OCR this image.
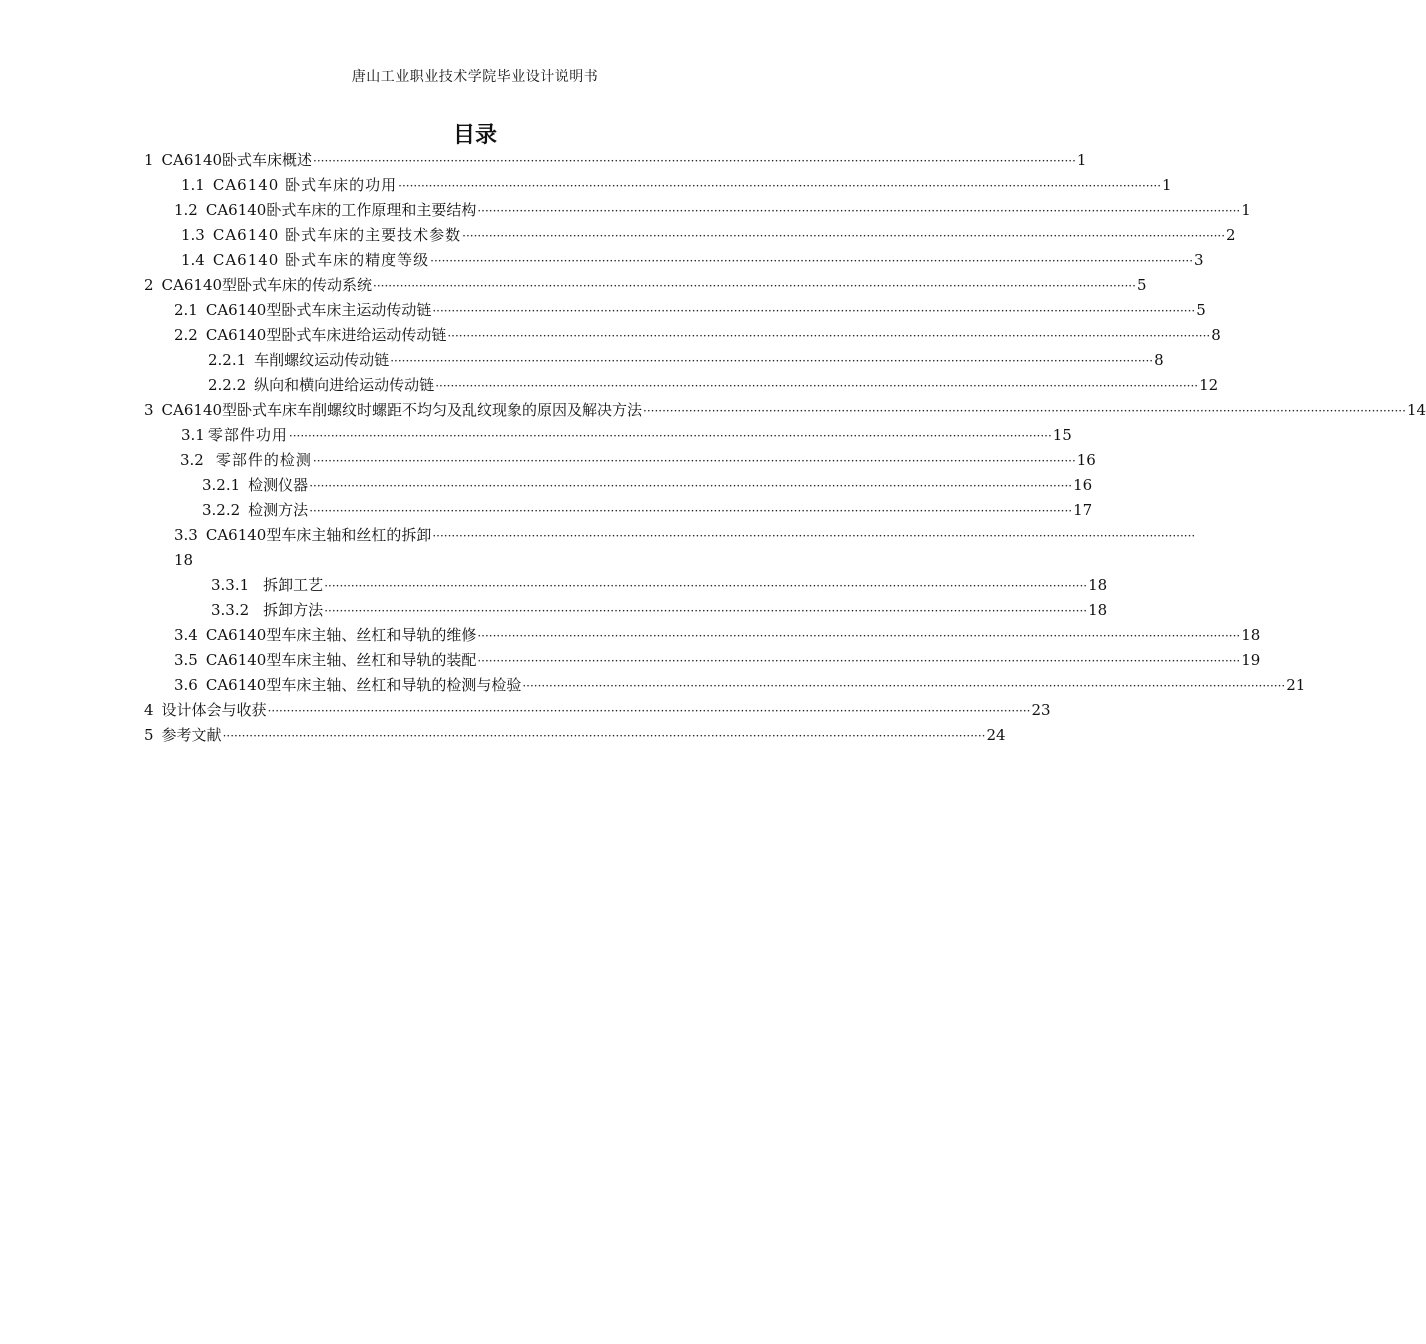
唐山工业职业技术学院毕业设计说明书
目录
1 CA6140卧式车床概述 ········································································································································································································ 1
1.1 CA6140 卧式车床的功用 ········································································································································································································ 1
1.2 CA6140卧式车床的工作原理和主要结构 ········································································································································································································ 1
1.3 CA6140 卧式车床的主要技术参数 ········································································································································································································ 2
1.4 CA6140 卧式车床的精度等级 ········································································································································································································ 3
2 CA6140型卧式车床的传动系统 ········································································································································································································ 5
2.1 CA6140型卧式车床主运动传动链 ········································································································································································································ 5
2.2 CA6140型卧式车床进给运动传动链 ········································································································································································································ 8
2.2.1 车削螺纹运动传动链 ········································································································································································································ 8
2.2.2 纵向和横向进给运动传动链 ········································································································································································································ 12
3 CA6140型卧式车床车削螺纹时螺距不均匀及乱纹现象的原因及解决方法 ········································································································································································································ 14
3.1 零部件功用 ········································································································································································································ 15
3.2 零部件的检测 ········································································································································································································ 16
3.2.1 检测仪器 ········································································································································································································ 16
3.2.2 检测方法 ········································································································································································································ 17
3.3 CA6140型车床主轴和丝杠的拆卸 ········································································································································································································
18
3.3.1 拆卸工艺 ········································································································································································································ 18
3.3.2 拆卸方法 ········································································································································································································ 18
3.4 CA6140型车床主轴、丝杠和导轨的维修 ········································································································································································································ 18
3.5 CA6140型车床主轴、丝杠和导轨的装配 ········································································································································································································ 19
3.6 CA6140型车床主轴、丝杠和导轨的检测与检验 ········································································································································································································ 21
4 设计体会与收获 ········································································································································································································ 23
5 参考文献 ········································································································································································································ 24
